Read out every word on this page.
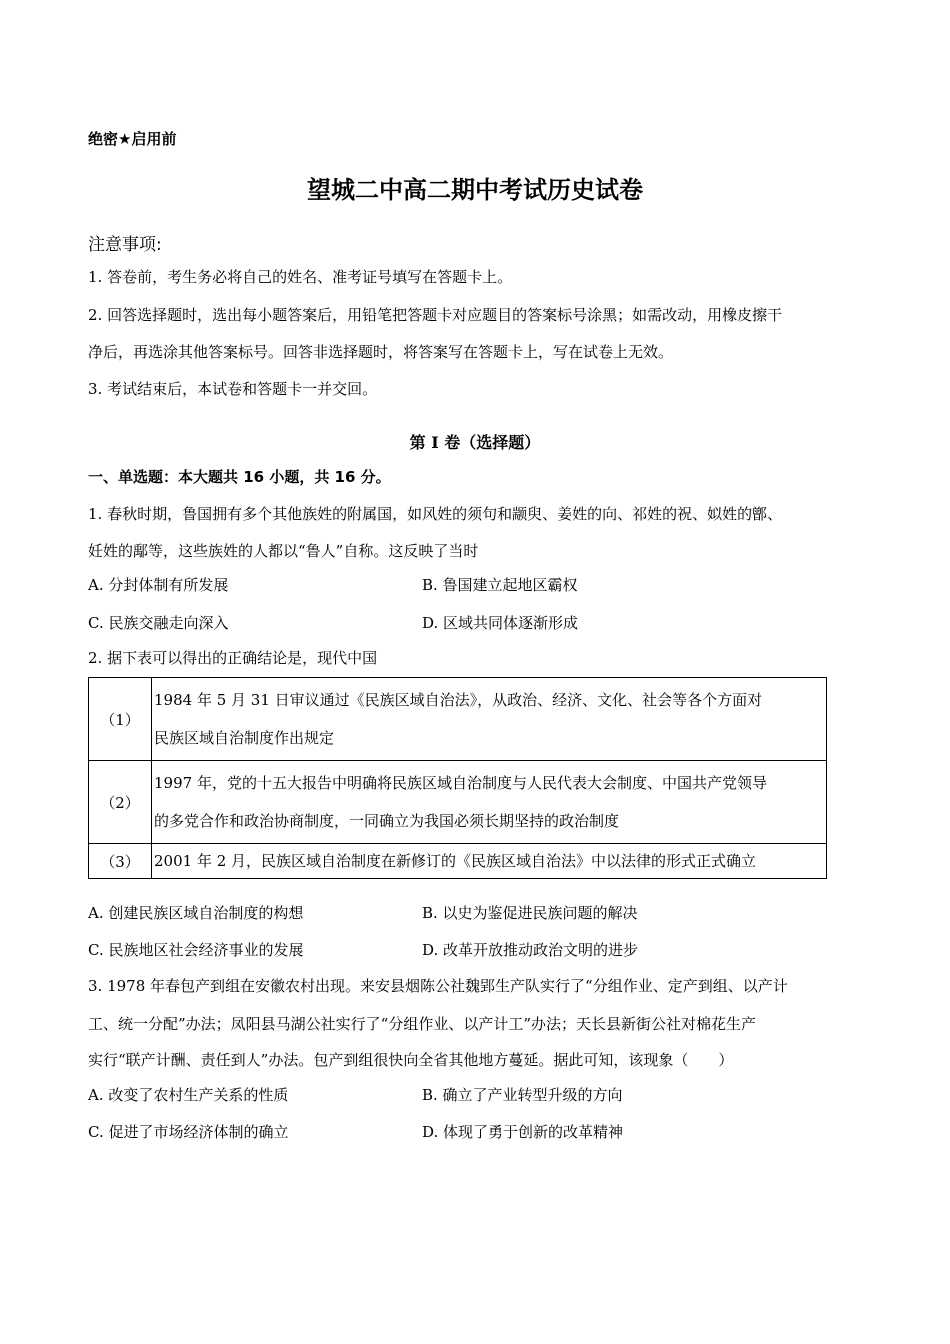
绝密★启用前
望城二中高二期中考试历史试卷
注意事项:
1. 答卷前，考生务必将自己的姓名、准考证号填写在答题卡上。
2. 回答选择题时，选出每小题答案后，用铅笔把答题卡对应题目的答案标号涂黑；如需改动，用橡皮擦干
净后，再选涂其他答案标号。回答非选择题时，将答案写在答题卡上，写在试卷上无效。
3. 考试结束后，本试卷和答题卡一并交回。
第 I 卷（选择题）
一、单选题：本大题共 16 小题，共 16 分。
1. 春秋时期，鲁国拥有多个其他族姓的附属国，如风姓的须句和颛臾、姜姓的向、祁姓的祝、姒姓的鄫、
妊姓的鄅等，这些族姓的人都以“鲁人”自称。这反映了当时
A. 分封体制有所发展	B. 鲁国建立起地区霸权
C. 民族交融走向深入	D. 区域共同体逐渐形成
2. 据下表可以得出的正确结论是，现代中国
（1）	1984 年 5 月 31 日审议通过《民族区域自治法》，从政治、经济、文化、社会等各个方面对
民族区域自治制度作出规定

（2）	1997 年，党的十五大报告中明确将民族区域自治制度与人民代表大会制度、中国共产党领导
的多党合作和政治协商制度，一同确立为我国必须长期坚持的政治制度

（3）	2001 年 2 月，民族区域自治制度在新修订的《民族区域自治法》中以法律的形式正式确立
A. 创建民族区域自治制度的构想	B. 以史为鉴促进民族问题的解决
C. 民族地区社会经济事业的发展	D. 改革开放推动政治文明的进步
3. 1978 年春包产到组在安徽农村出现。来安县烟陈公社魏郢生产队实行了“分组作业、定产到组、以产计
工、统一分配”办法；凤阳县马湖公社实行了“分组作业、以产计工”办法；天长县新街公社对棉花生产
实行“联产计酬、责任到人”办法。包产到组很快向全省其他地方蔓延。据此可知，该现象（　　）
A. 改变了农村生产关系的性质	B. 确立了产业转型升级的方向
C. 促进了市场经济体制的确立	D. 体现了勇于创新的改革精神
